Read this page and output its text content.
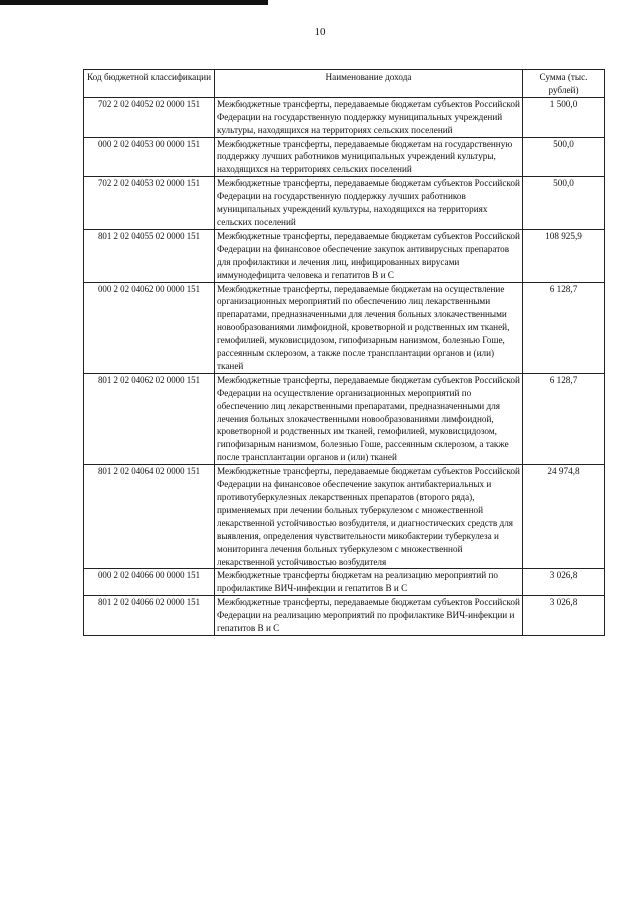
10
Код бюджетной классификации	Наименование дохода	Сумма (тыс. рублей)
702 2 02 04052 02 0000 151	Межбюджетные трансферты, передаваемые бюджетам субъектов Российской Федерации на государственную поддержку муниципальных учреждений культуры, находящихся на территориях сельских поселений	1 500,0
000 2 02 04053 00 0000 151	Межбюджетные трансферты, передаваемые бюджетам на государственную поддержку лучших работников муниципальных учреждений культуры, находящихся на территориях сельских поселений	500,0
702 2 02 04053 02 0000 151	Межбюджетные трансферты, передаваемые бюджетам субъектов Российской Федерации на государственную поддержку лучших работников муниципальных учреждений культуры, находящихся на территориях сельских поселений	500,0
801 2 02 04055 02 0000 151	Межбюджетные трансферты, передаваемые бюджетам субъектов Российской Федерации на финансовое обеспечение закупок антивирусных препаратов для профилактики и лечения лиц, инфицированных вирусами иммунодефицита человека и гепатитов В и С	108 925,9
000 2 02 04062 00 0000 151	Межбюджетные трансферты, передаваемые бюджетам на осуществление организационных мероприятий по обеспечению лиц лекарственными препаратами, предназначенными для лечения больных злокачественными новообразованиями лимфоидной, кроветворной и родственных им тканей, гемофилией, муковисцидозом, гипофизарным нанизмом, болезнью Гоше, рассеянным склерозом, а также после трансплантации органов и (или) тканей	6 128,7
801 2 02 04062 02 0000 151	Межбюджетные трансферты, передаваемые бюджетам субъектов Российской Федерации на осуществление организационных мероприятий по обеспечению лиц лекарственными препаратами, предназначенными для лечения больных злокачественными новообразованиями лимфоидной, кроветворной и родственных им тканей, гемофилией, муковисцидозом, гипофизарным нанизмом, болезнью Гоше, рассеянным склерозом, а также после трансплантации органов и (или) тканей	6 128,7
801 2 02 04064 02 0000 151	Межбюджетные трансферты, передаваемые бюджетам субъектов Российской Федерации на финансовое обеспечение закупок антибактериальных и противотуберкулезных лекарственных препаратов (второго ряда), применяемых при лечении больных туберкулезом с множественной лекарственной устойчивостью возбудителя, и диагностических средств для выявления, определения чувствительности микобактерии туберкулеза и мониторинга лечения больных туберкулезом с множественной лекарственной устойчивостью возбудителя	24 974,8
000 2 02 04066 00 0000 151	Межбюджетные трансферты бюджетам на реализацию мероприятий по профилактике ВИЧ-инфекции и гепатитов В и С	3 026,8
801 2 02 04066 02 0000 151	Межбюджетные трансферты, передаваемые бюджетам субъектов Российской Федерации на реализацию мероприятий по профилактике ВИЧ-инфекции и гепатитов В и С	3 026,8
